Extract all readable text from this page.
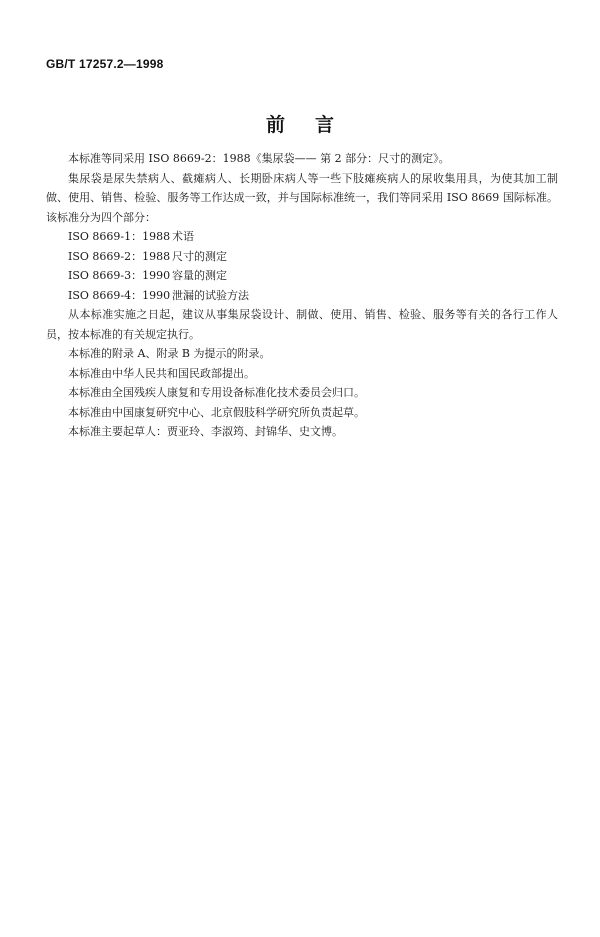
GB/T 17257.2—1998
前言

本标准等同采用 ISO 8669-2：1988《集尿袋—— 第 2 部分：尺寸的测定》。

集尿袋是尿失禁病人、截瘫病人、长期卧床病人等一些下肢瘫痪病人的尿收集用具，为使其加工制做、使用、销售、检验、服务等工作达成一致，并与国际标准统一，我们等同采用 ISO 8669 国际标准。该标准分为四个部分：

ISO 8669-1：1988 术语
ISO 8669-2：1988 尺寸的测定
ISO 8669-3：1990 容量的测定
ISO 8669-4：1990 泄漏的试验方法

从本标准实施之日起，建议从事集尿袋设计、制做、使用、销售、检验、服务等有关的各行工作人员，按本标准的有关规定执行。

本标准的附录 A、附录 B 为提示的附录。

本标准由中华人民共和国民政部提出。

本标准由全国残疾人康复和专用设备标准化技术委员会归口。

本标准由中国康复研究中心、北京假肢科学研究所负责起草。

本标准主要起草人：贾亚玲、李淑筠、封锦华、史文博。
